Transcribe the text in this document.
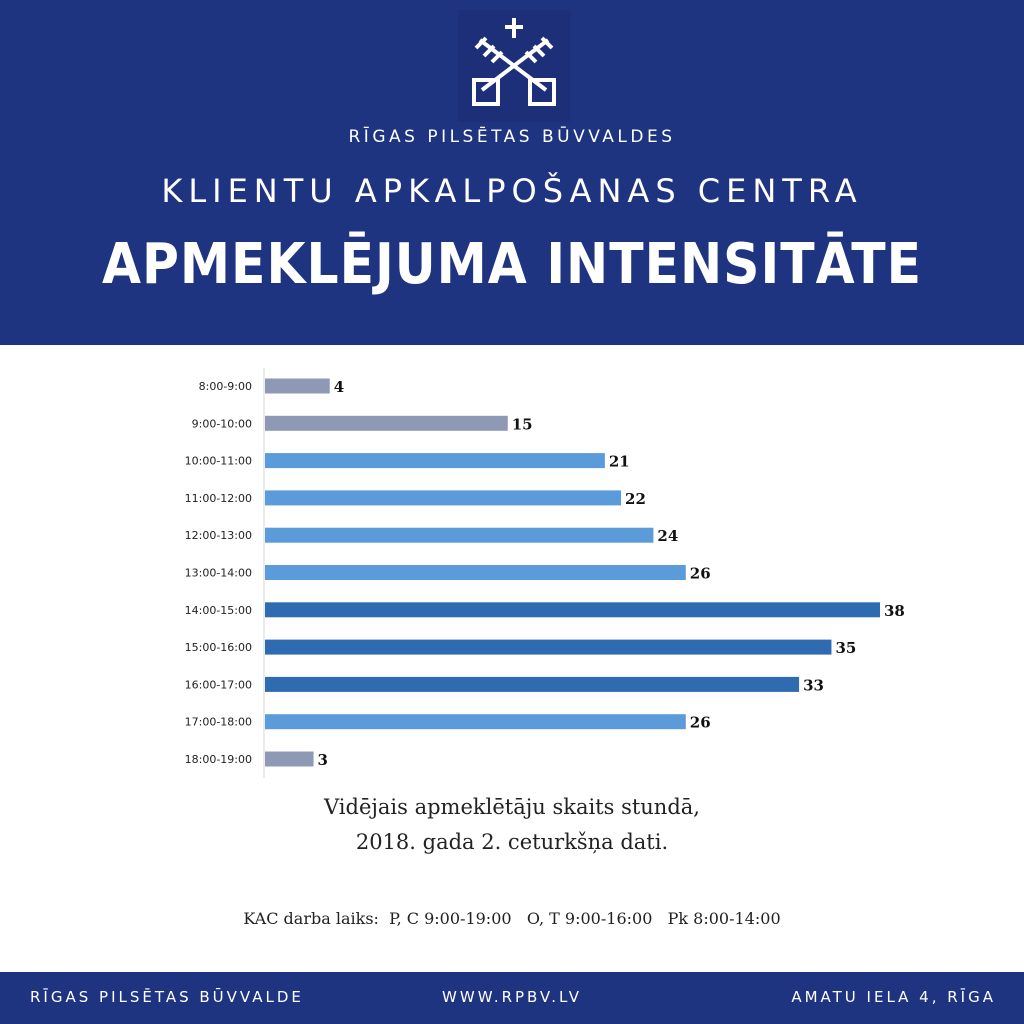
RĪGAS PILSĒTAS BŪVVALDES
KLIENTU APKALPOŠANAS CENTRA
APMEKLĒJUMA INTENSITĀTE
8:00-9:00	4
9:00-10:00	15
10:00-11:00	21
11:00-12:00	22
12:00-13:00	24
13:00-14:00	26
14:00-15:00	38
15:00-16:00	35
16:00-17:00	33
17:00-18:00	26
18:00-19:00	3
Vidējais apmeklētāju skaits stundā,
2018. gada 2. ceturkšņa dati.
KAC darba laiks:  P, C 9:00-19:00   O, T 9:00-16:00   Pk 8:00-14:00
RĪGAS PILSĒTAS BŪVVALDE	WWW.RPBV.LV	AMATU IELA 4, RĪGA
